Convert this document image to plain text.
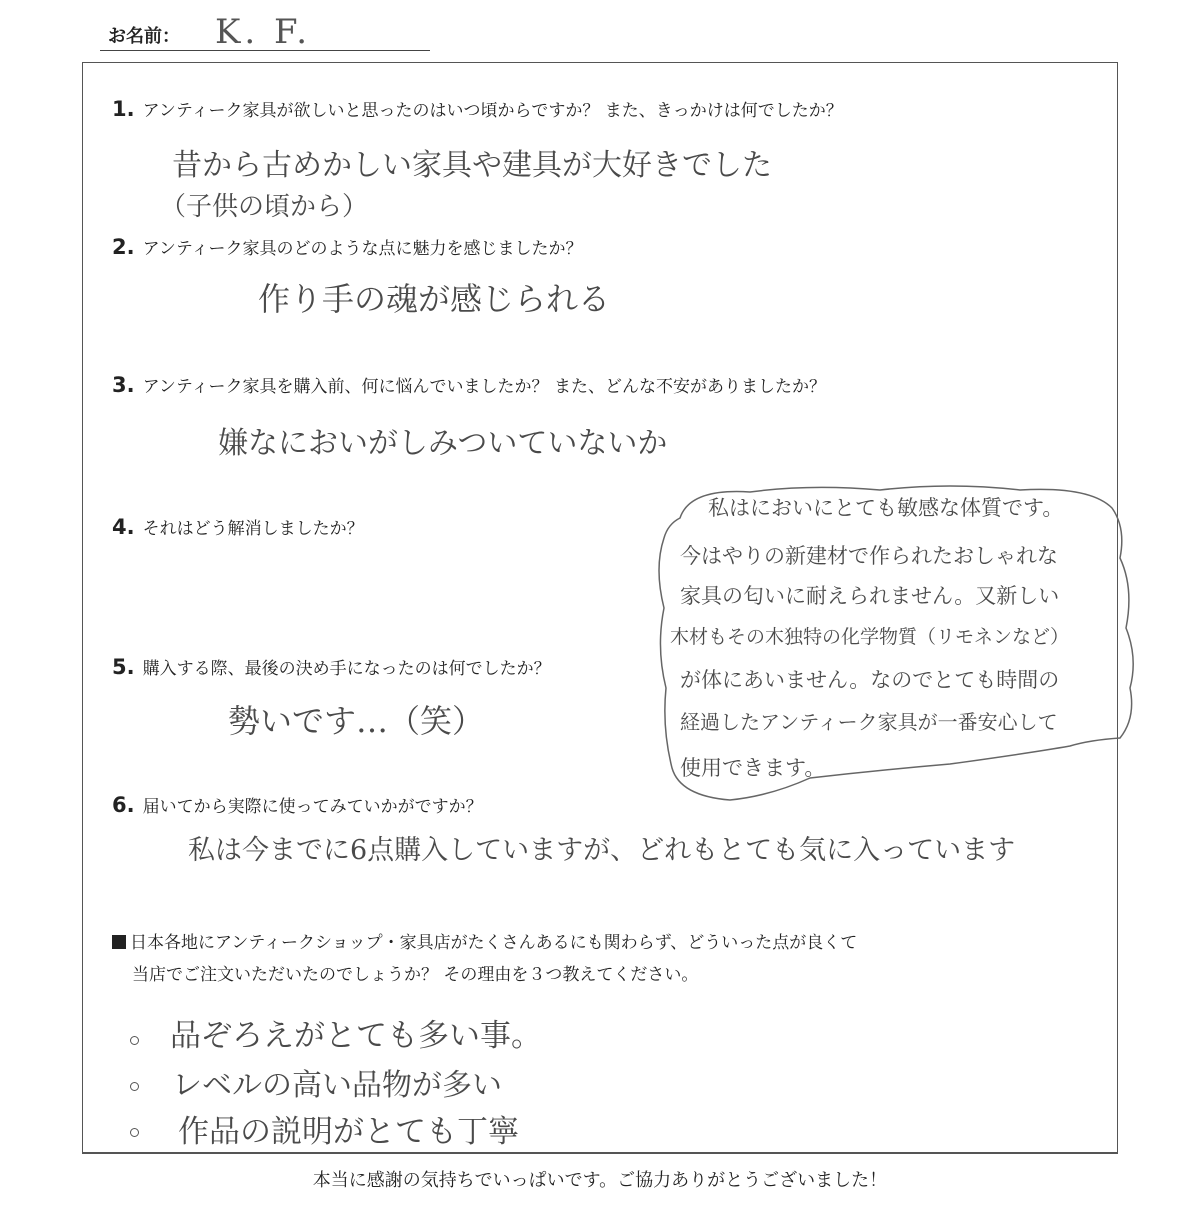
お名前： K. F.
1. アンティーク家具が欲しいと思ったのはいつ頃からですか？ また、きっかけは何でしたか？
昔から古めかしい家具や建具が大好きでした
（子供の頃から）
2. アンティーク家具のどのような点に魅力を感じましたか？
作り手の魂が感じられる
3. アンティーク家具を購入前、何に悩んでいましたか？ また、どんな不安がありましたか？
嫌なにおいがしみついていないか
4. それはどう解消しましたか？
5. 購入する際、最後の決め手になったのは何でしたか？
勢いです…（笑）
私はにおいにとても敏感な体質です。
今はやりの新建材で作られたおしゃれな
家具の匂いに耐えられません。又新しい
木材もその木独特の化学物質（リモネンなど）
が体にあいません。なのでとても時間の
経過したアンティーク家具が一番安心して
使用できます。
6. 届いてから実際に使ってみていかがですか？
私は今までに6点購入していますが、どれもとても気に入っています
日本各地にアンティークショップ・家具店がたくさんあるにも関わらず、どういった点が良くて
当店でご注文いただいたのでしょうか？ その理由を３つ教えてください。
品ぞろえがとても多い事。
レベルの高い品物が多い
作品の説明がとても丁寧
本当に感謝の気持ちでいっぱいです。ご協力ありがとうございました！
